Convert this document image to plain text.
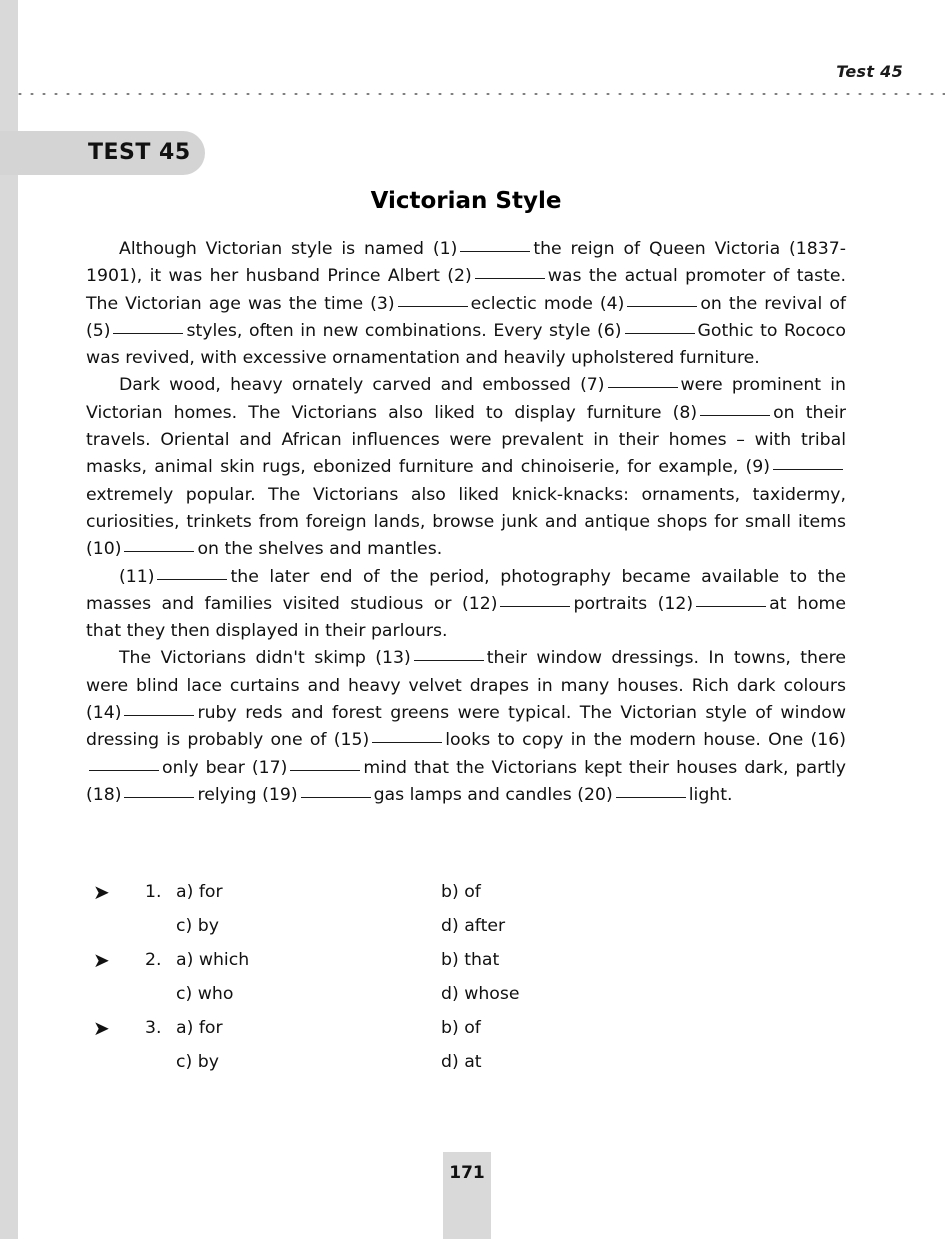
Test 45
TEST 45
Victorian Style

Although Victorian style is named (1)	the reign of Queen Victoria (1837-1901), it was her husband Prince Albert (2)	was the actual promoter of taste. The Victorian age was the time (3)	eclectic mode (4)	on the revival of (5)	styles, often in new combinations. Every style (6)	Gothic to Rococo was revived, with excessive ornamentation and heavily upholstered furniture.

Dark wood, heavy ornately carved and embossed (7)	were prominent in Victorian homes. The Victorians also liked to display furniture (8)	on their travels. Oriental and African influences were prevalent in their homes – with tribal masks, animal skin rugs, ebonized furniture and chinoiserie, for example, (9)extremely popular. The Victorians also liked knick-knacks: ornaments, taxidermy, curiosities, trinkets from foreign lands, browse junk and antique shops for small items (10)	on the shelves and mantles.

(11)	the later end of the period, photography became available to the masses and families visited studious or (12)	portraits (12)	at home that they then displayed in their parlours.

The Victorians didn't skimp (13)	their window dressings. In towns, there were blind lace curtains and heavy velvet drapes in many houses. Rich dark colours (14)	ruby reds and forest greens were typical. The Victorian style of window dressing is probably one of (15)	looks to copy in the modern house. One (16)only bear (17)	mind that the Victorians kept their houses dark, partly (18)	relying (19)	gas lamps and candles (20)	light.

➤ 1. a) for	b) of
c) by	d) after
➤ 2. a) which	b) that
c) who	d) whose
➤ 3. a) for	b) of
c) by	d) at
171
